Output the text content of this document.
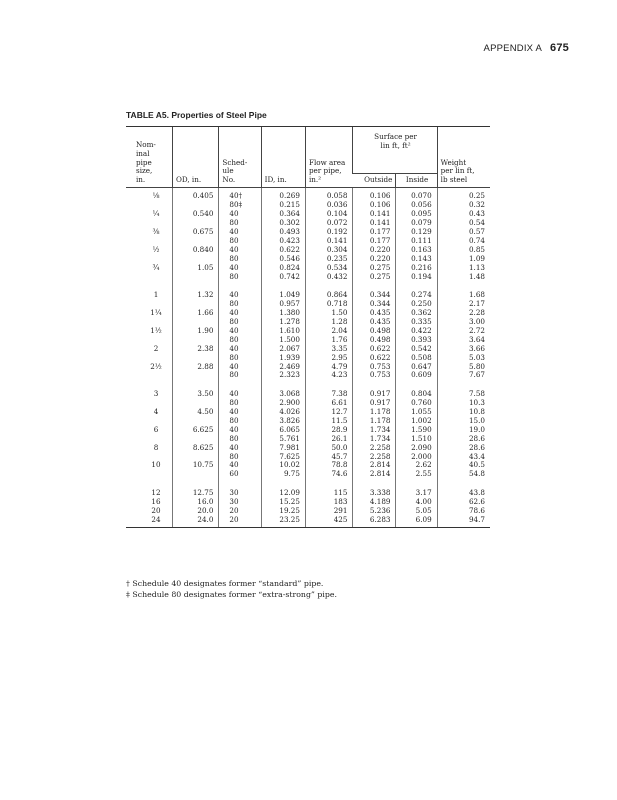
APPENDIX A 675
TABLE A5. Properties of Steel Pipe
Nom-
inal
pipe
size,
in.	OD, in.	Sched-
ule
No.	ID, in.	Flow area
per pipe,
in.²	Surface per
lin ft, ft²		Weight
per lin ft,
lb steel
					Outside	Inside	
⅛	0.405	40†	0.269	0.058	0.106	0.070	0.25
		80‡	0.215	0.036	0.106	0.056	0.32
¼	0.540	40	0.364	0.104	0.141	0.095	0.43
		80	0.302	0.072	0.141	0.079	0.54
⅜	0.675	40	0.493	0.192	0.177	0.129	0.57
		80	0.423	0.141	0.177	0.111	0.74
½	0.840	40	0.622	0.304	0.220	0.163	0.85
		80	0.546	0.235	0.220	0.143	1.09
¾	1.05	40	0.824	0.534	0.275	0.216	1.13
		80	0.742	0.432	0.275	0.194	1.48

1	1.32	40	1.049	0.864	0.344	0.274	1.68
		80	0.957	0.718	0.344	0.250	2.17
1¼	1.66	40	1.380	1.50	0.435	0.362	2.28
		80	1.278	1.28	0.435	0.335	3.00
1½	1.90	40	1.610	2.04	0.498	0.422	2.72
		80	1.500	1.76	0.498	0.393	3.64
2	2.38	40	2.067	3.35	0.622	0.542	3.66
		80	1.939	2.95	0.622	0.508	5.03
2½	2.88	40	2.469	4.79	0.753	0.647	5.80
		80	2.323	4.23	0.753	0.609	7.67

3	3.50	40	3.068	7.38	0.917	0.804	7.58
		80	2.900	6.61	0.917	0.760	10.3
4	4.50	40	4.026	12.7	1.178	1.055	10.8
		80	3.826	11.5	1.178	1.002	15.0
6	6.625	40	6.065	28.9	1.734	1.590	19.0
		80	5.761	26.1	1.734	1.510	28.6
8	8.625	40	7.981	50.0	2.258	2.090	28.6
		80	7.625	45.7	2.258	2.000	43.4
10	10.75	40	10.02	78.8	2.814	2.62	40.5
		60	9.75	74.6	2.814	2.55	54.8

12	12.75	30	12.09	115	3.338	3.17	43.8
16	16.0	30	15.25	183	4.189	4.00	62.6
20	20.0	20	19.25	291	5.236	5.05	78.6
24	24.0	20	23.25	425	6.283	6.09	94.7
† Schedule 40 designates former “standard” pipe.
‡ Schedule 80 designates former “extra-strong” pipe.
